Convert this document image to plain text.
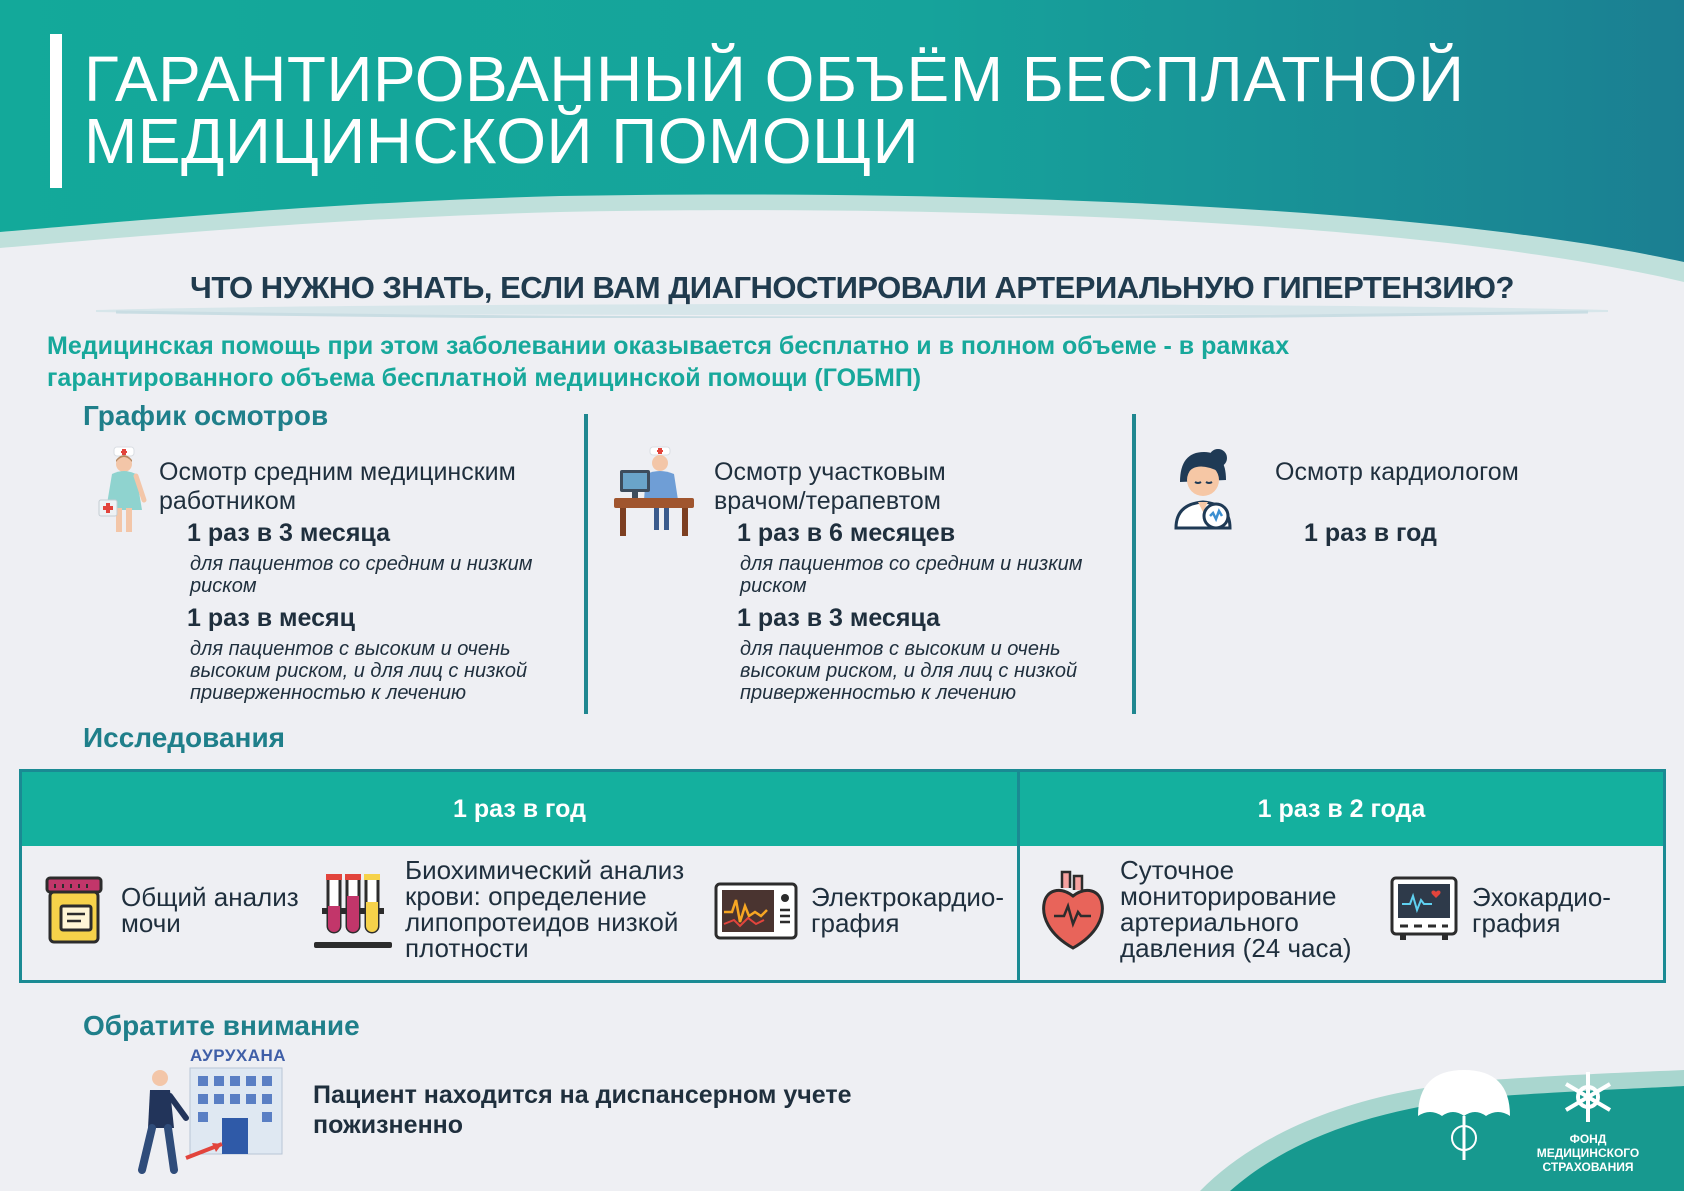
ГАРАНТИРОВАННЫЙ ОБЪЁМ БЕСПЛАТНОЙ
МЕДИЦИНСКОЙ ПОМОЩИ
ЧТО НУЖНО ЗНАТЬ, ЕСЛИ ВАМ ДИАГНОСТИРОВАЛИ АРТЕРИАЛЬНУЮ ГИПЕРТЕНЗИЮ?
Медицинская помощь при этом заболевании оказывается бесплатно и в полном объеме - в рамках
гарантированного объема бесплатной медицинской помощи (ГОБМП)
График осмотров
Осмотр средним медицинским
работником
1 раз в 3 месяца
для пациентов со средним и низким
риском
1 раз в месяц
для пациентов с высоким и очень
высоким риском, и для лиц с низкой
приверженностью к лечению
Осмотр участковым
врачом/терапевтом
1 раз в 6 месяцев
для пациентов со средним и низким
риском
1 раз в 3 месяца
для пациентов с высоким и очень
высоким риском, и для лиц с низкой
приверженностью к лечению
Осмотр кардиологом
1 раз в год
Исследования
1 раз в год	1 раз в 2 года
Общий анализ
мочи
Биохимический анализ
крови: определение
липопротеидов низкой
плотности
Электрокардио-
графия
Суточное
мониторирование
артериального
давления (24 часа)
Эхокардио-
графия
Обратите внимание
АУРУХАНА
Пациент находится на диспансерном учете
пожизненно	ФОНД
МЕДИЦИНСКОГО
СТРАХОВАНИЯ
